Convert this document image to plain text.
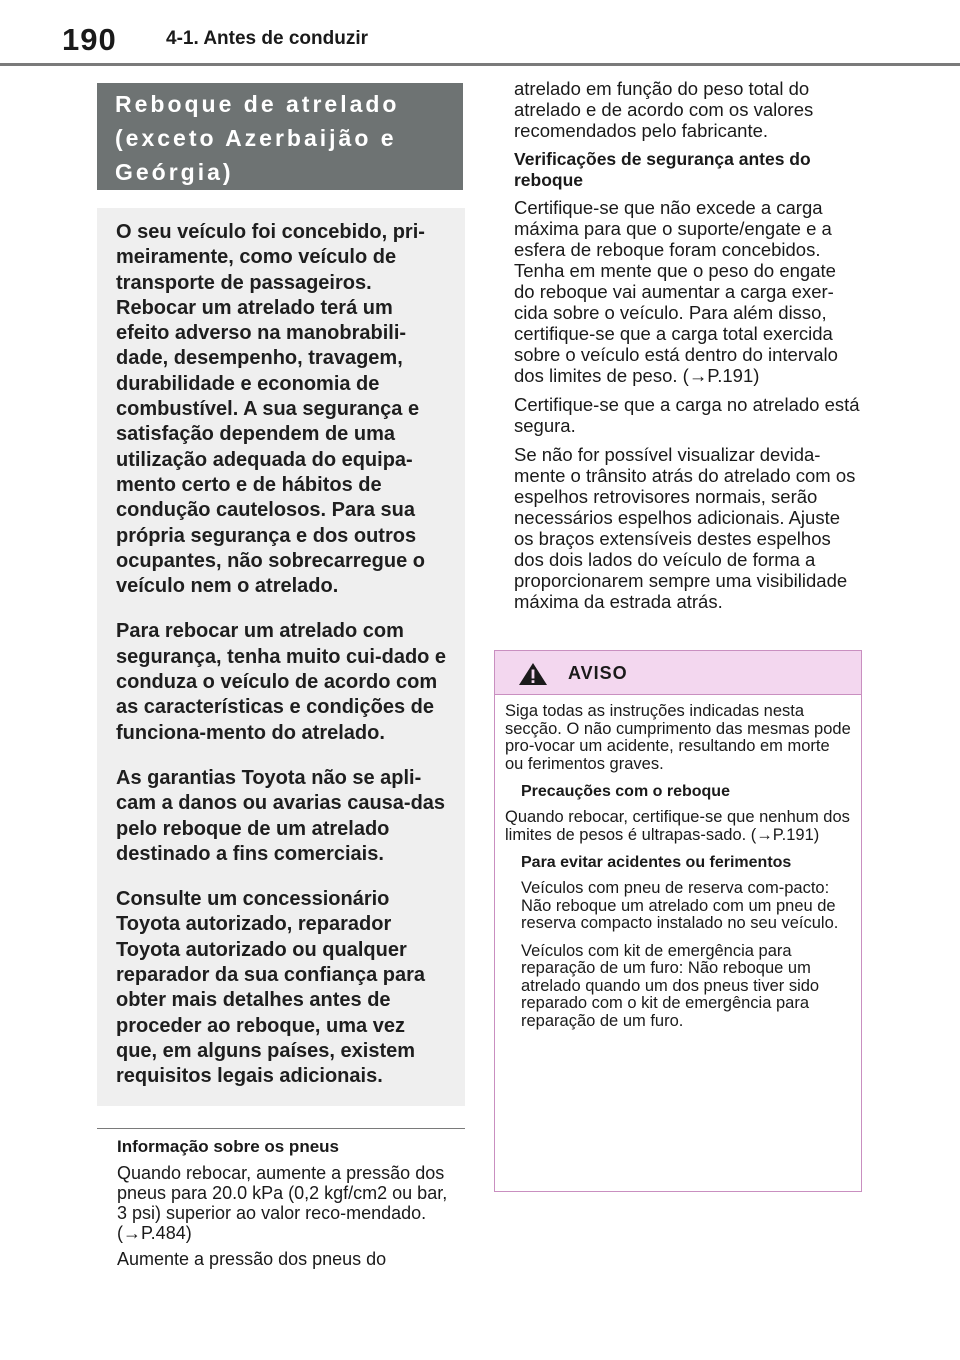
190	4-1. Antes de conduzir

Reboque de atrelado

(exceto Azerbaijão e

Geórgia)

O seu veículo foi concebido, pri-meiramente, como veículo de transporte de passageiros. Rebocar um atrelado terá um efeito adverso na manobrabili-dade, desempenho, travagem, durabilidade e economia de combustível. A sua segurança e satisfação dependem de uma utilização adequada do equipa-mento certo e de hábitos de condução cautelosos. Para sua própria segurança e dos outros ocupantes, não sobrecarregue o veículo nem o atrelado.

Para rebocar um atrelado com segurança, tenha muito cui-dado e conduza o veículo de acordo com as características e condições de funciona-mento do atrelado.

As garantias Toyota não se apli-cam a danos ou avarias causa-das pelo reboque de um atrelado destinado a fins comerciais.

Consulte um concessionário Toyota autorizado, reparador Toyota autorizado ou qualquer reparador da sua confiança para obter mais detalhes antes de proceder ao reboque, uma vez que, em alguns países, existem requisitos legais adicionais.

Informação sobre os pneus

Quando rebocar, aumente a pressão dos pneus para 20.0 kPa (0,2 kgf/cm2 ou bar, 3 psi) superior ao valor reco-mendado. (→P.484)

Aumente a pressão dos pneus do

atrelado em função do peso total do atrelado e de acordo com os valores recomendados pelo fabricante.

Verificações de segurança antes do reboque

Certifique-se que não excede a carga máxima para que o suporte/engate e a esfera de reboque foram concebidos. Tenha em mente que o peso do engate do reboque vai aumentar a carga exer-cida sobre o veículo. Para além disso, certifique-se que a carga total exercida sobre o veículo está dentro do intervalo dos limites de peso. (→P.191)

Certifique-se que a carga no atrelado está segura.

Se não for possível visualizar devida-mente o trânsito atrás do atrelado com os espelhos retrovisores normais, serão necessários espelhos adicionais. Ajuste os braços extensíveis destes espelhos dos dois lados do veículo de forma a proporcionarem sempre uma visibilidade máxima da estrada atrás.

AVISO

Siga todas as instruções indicadas nesta secção. O não cumprimento das mesmas pode pro-vocar um acidente, resultando em morte ou ferimentos graves.

Precauções com o reboque

Quando rebocar, certifique-se que nenhum dos limites de pesos é ultrapas-sado. (→P.191)

Para evitar acidentes ou ferimentos

Veículos com pneu de reserva com-pacto: Não reboque um atrelado com um pneu de reserva compacto instalado no seu veículo.

Veículos com kit de emergência para reparação de um furo: Não reboque um atrelado quando um dos pneus tiver sido reparado com o kit de emergência para reparação de um furo.
